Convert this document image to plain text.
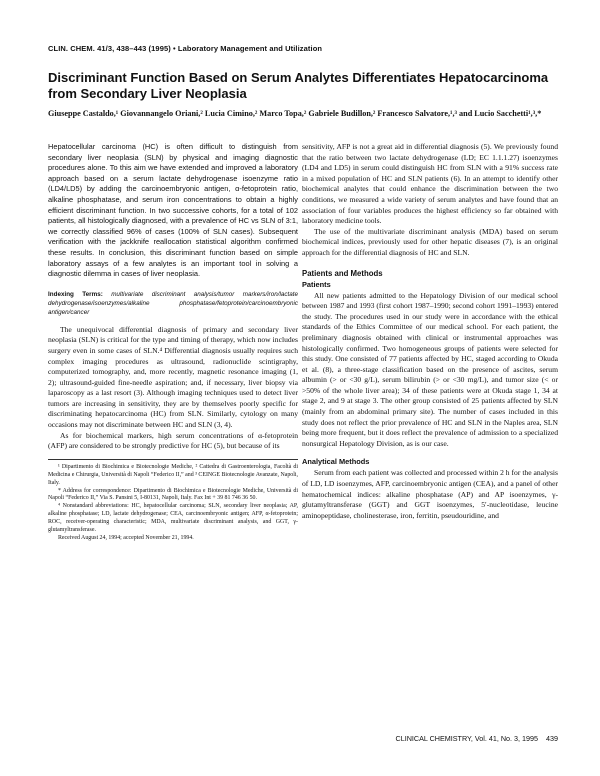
CLIN. CHEM. 41/3, 438–443 (1995) • Laboratory Management and Utilization
Discriminant Function Based on Serum Analytes Differentiates Hepatocarcinoma from Secondary Liver Neoplasia
Giuseppe Castaldo,¹ Giovannangelo Oriani,² Lucia Cimino,² Marco Topa,² Gabriele Budillon,² Francesco Salvatore,¹,³ and Lucio Sacchetti¹,³,*

Hepatocellular carcinoma (HC) is often difficult to distinguish from secondary liver neoplasia (SLN) by physical and imaging diagnostic procedures alone. To this aim we have extended and improved a laboratory approach based on a serum lactate dehydrogenase isoenzyme ratio (LD4/LD5) by adding the carcinoembryonic antigen, α-fetoprotein ratio, alkaline phosphatase, and serum iron concentrations to obtain a highly efficient discriminant function. In two successive cohorts, for a total of 102 patients, all histologically diagnosed, with a prevalence of HC vs SLN of 3:1, we correctly classified 96% of cases (100% of SLN cases). Subsequent verification with the jackknife reallocation statistical algorithm confirmed these results. In conclusion, this discriminant function based on simple laboratory assays of a few analytes is an important tool in solving a diagnostic dilemma in cases of liver neoplasia.

Indexing Terms: multivariate discriminant analysis/tumor markers/iron/lactate dehydrogenase/isoenzymes/alkaline phosphatase/fetoprotein/carcinoembryonic antigen/cancer

The unequivocal differential diagnosis of primary and secondary liver neoplasia (SLN) is critical for the type and timing of therapy, which now includes surgery even in some cases of SLN.⁴ Differential diagnosis usually requires such complex imaging procedures as ultrasound, radionuclide scintigraphy, computerized tomography, and, more recently, magnetic resonance imaging (1, 2); ultrasound-guided fine-needle aspiration; and, if necessary, liver biopsy via laparoscopy as a last resort (3). Although imaging techniques used to detect liver tumors are increasing in sensitivity, they are by themselves poorly specific for discriminating hepatocarcinoma (HC) from SLN. Similarly, cytology on many occasions may not discriminate between HC and SLN (3, 4).

As for biochemical markers, high serum concentrations of α-fetoprotein (AFP) are considered to be strongly predictive for HC (5), but because of its

¹ Dipartimento di Biochimica e Biotecnologie Mediche, ² Cattedra di Gastroenterologia, Facoltà di Medicina e Chirurgia, Università di Napoli “Federico II,” and ³ CEINGE Biotecnologie Avanzate, Napoli, Italy.

* Address for correspondence: Dipartimento di Biochimica e Biotecnologie Mediche, Università di Napoli “Federico II,” Via S. Pansini 5, I-80131, Napoli, Italy. Fax Int + 39 81 746 36 50.

⁴ Nonstandard abbreviations: HC, hepatocellular carcinoma; SLN, secondary liver neoplasia; AP, alkaline phosphatase; LD, lactate dehydrogenase; CEA, carcinoembryonic antigen; AFP, α-fetoprotein; ROC, receiver-operating characteristic; MDA, multivariate discriminant analysis, and GGT, γ-glutamyltransferase.

Received August 24, 1994; accepted November 21, 1994.

sensitivity, AFP is not a great aid in differential diagnosis (5). We previously found that the ratio between two lactate dehydrogenase (LD; EC 1.1.1.27) isoenzymes (LD4 and LD5) in serum could distinguish HC from SLN with a 91% success rate in a mixed population of HC and SLN patients (6). In an attempt to identify other biochemical analytes that could enhance the discrimination between the two conditions, we measured a wide variety of serum analytes and have found that an association of four variables produces the highest efficiency so far obtained with laboratory medicine tools.

The use of the multivariate discriminant analysis (MDA) based on serum biochemical indices, previously used for other hepatic diseases (7), is an original approach for the differential diagnosis of HC and SLN.

Patients and Methods
Patients

All new patients admitted to the Hepatology Division of our medical school between 1987 and 1993 (first cohort 1987–1990; second cohort 1991–1993) entered the study. The procedures used in our study were in accordance with the ethical standards of the Ethics Committee of our medical school. For each patient, the preliminary diagnosis obtained with clinical or instrumental approaches was histologically confirmed. Two homogeneous groups of patients were selected for this study. One consisted of 77 patients affected by HC, staged according to Okuda et al. (8), a three-stage classification based on the presence of ascites, serum albumin (> or <30 g/L), serum bilirubin (> or <30 mg/L), and tumor size (< or >50% of the whole liver area); 34 of these patients were at Okuda stage 1, 34 at stage 2, and 9 at stage 3. The other group consisted of 25 patients affected by SLN (mainly from an abdominal primary site). The number of cases included in this study does not reflect the prior prevalence of HC and SLN in the Naples area, SLN being more frequent, but it does reflect the prevalence of admission to a specialized nonsurgical Hepatology Division, as is our case.

Analytical Methods

Serum from each patient was collected and processed within 2 h for the analysis of LD, LD isoenzymes, AFP, carcinoembryonic antigen (CEA), and a panel of other hematochemical indices: alkaline phosphatase (AP) and AP isoenzymes, γ-glutamyltransferase (GGT) and GGT isoenzymes, 5′-nucleotidase, leucine aminopeptidase, cholinesterase, iron, ferritin, pseudouridine, and

CLINICAL CHEMISTRY, Vol. 41, No. 3, 1995 439
